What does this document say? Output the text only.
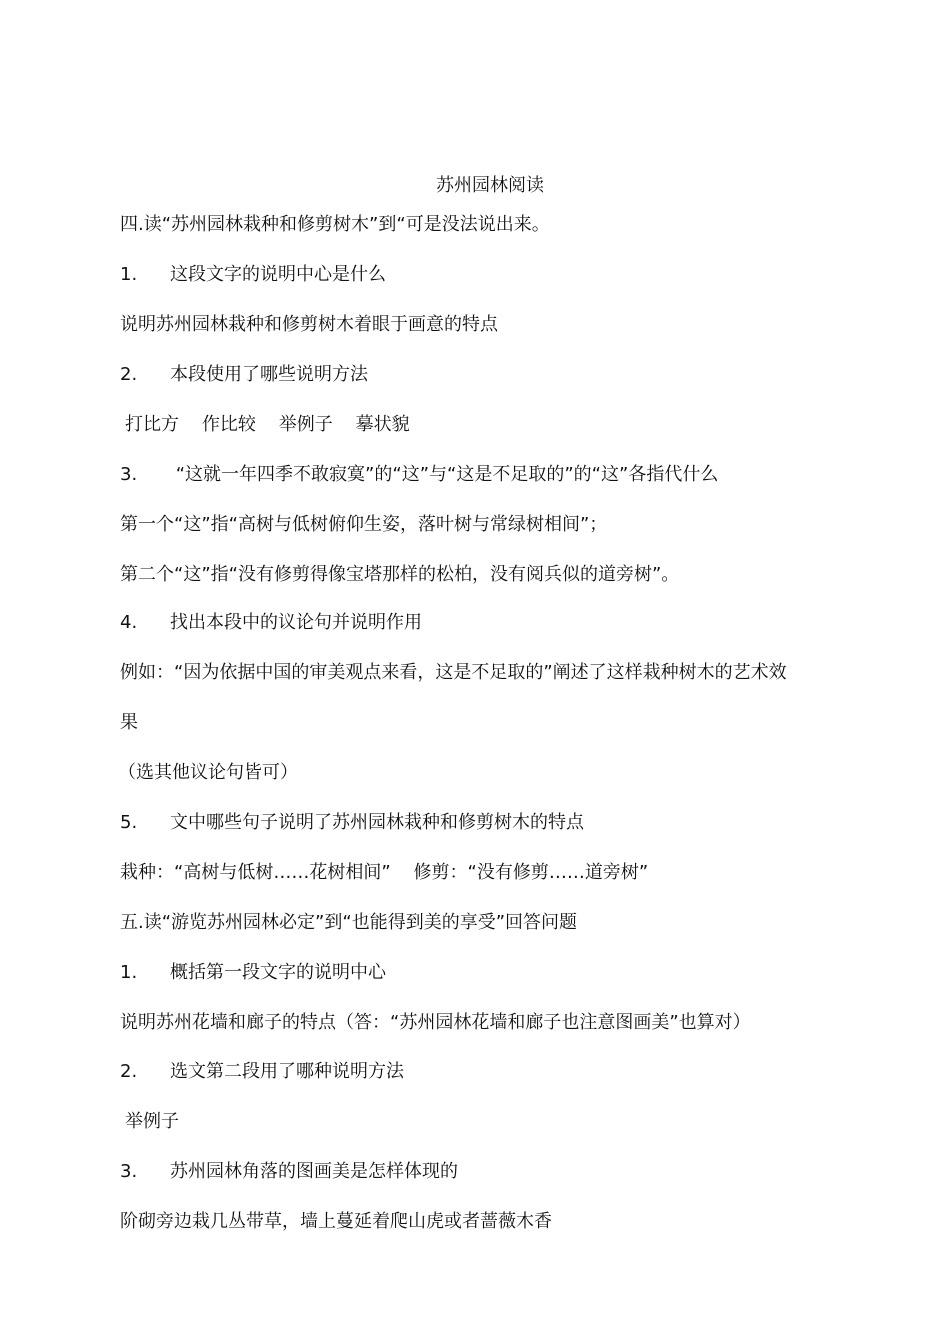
苏州园林阅读
四.读“苏州园林栽种和修剪树木”到“可是没法说出来。
1. 这段文字的说明中心是什么
说明苏州园林栽种和修剪树木着眼于画意的特点
2. 本段使用了哪些说明方法
打比方    作比较    举例子    摹状貌
3. “这就一年四季不敢寂寞”的“这”与“这是不足取的”的“这”各指代什么
第一个“这”指“高树与低树俯仰生姿，落叶树与常绿树相间”；
第二个“这”指“没有修剪得像宝塔那样的松柏，没有阅兵似的道旁树”。
4. 找出本段中的议论句并说明作用
例如：“因为依据中国的审美观点来看，这是不足取的”阐述了这样栽种树木的艺术效
果
（选其他议论句皆可）
5. 文中哪些句子说明了苏州园林栽种和修剪树木的特点
栽种：“高树与低树……花树相间”    修剪：“没有修剪……道旁树”
五.读“游览苏州园林必定”到“也能得到美的享受”回答问题
1. 概括第一段文字的说明中心
说明苏州花墙和廊子的特点（答：“苏州园林花墙和廊子也注意图画美”也算对）
2. 选文第二段用了哪种说明方法
举例子
3. 苏州园林角落的图画美是怎样体现的
阶砌旁边栽几丛带草，墙上蔓延着爬山虎或者蔷薇木香
